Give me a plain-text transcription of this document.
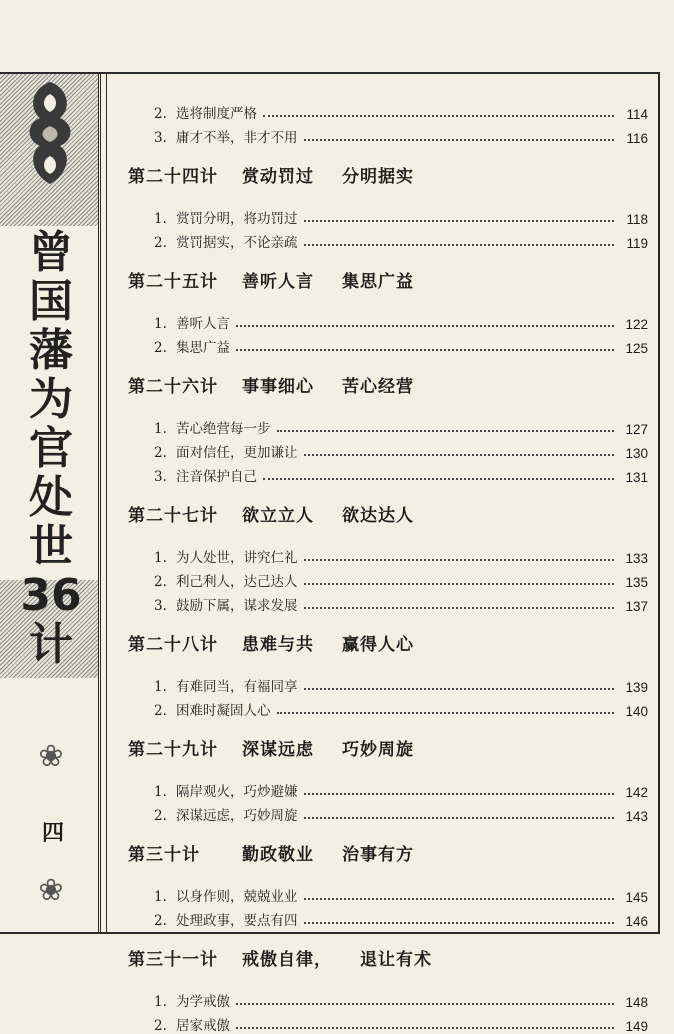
曾
国
藩
为
官
处
世
36
计
❀
四
❀
2. 选将制度严格	114
3. 庸才不举，非才不用	116
第二十四计	赏动罚过 分明据实
1. 赏罚分明，将功罚过	118
2. 赏罚据实，不论亲疏	119
第二十五计	善听人言 集思广益
1. 善听人言	122
2. 集思广益	125
第二十六计	事事细心 苦心经营
1. 苦心绝营每一步	127
2. 面对信任，更加谦让	130
3. 注音保护自己	131
第二十七计	欲立立人 欲达达人
1. 为人处世，讲究仁礼	133
2. 利己利人，达己达人	135
3. 鼓励下属，谋求发展	137
第二十八计	患难与共 赢得人心
1. 有难同当，有福同享	139
2. 困难时凝固人心	140
第二十九计	深谋远虑 巧妙周旋
1. 隔岸观火，巧炒避嫌	142
2. 深谋远虑，巧妙周旋	143
第三十计	勤政敬业 治事有方
1. 以身作则，兢兢业业	145
2. 处理政事，要点有四	146
第三十一计	戒傲自律， 退让有术
1. 为学戒傲	148
2. 居家戒傲	149
